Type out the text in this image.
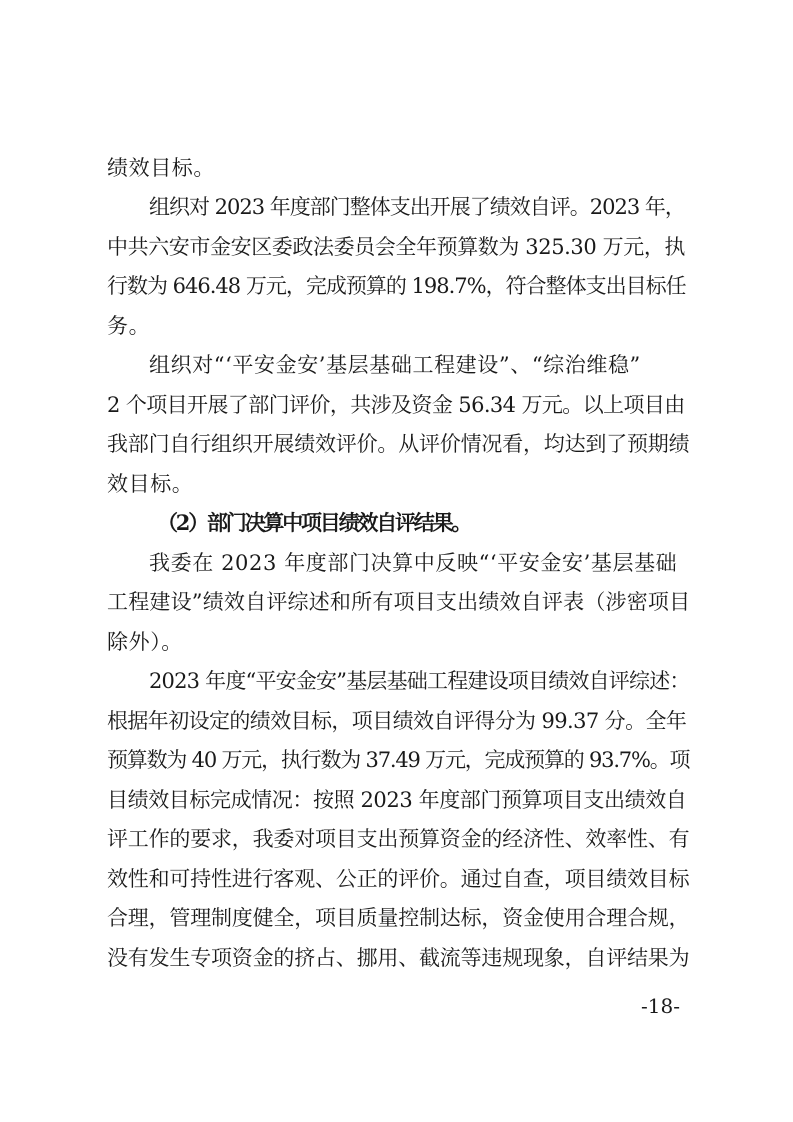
绩效目标。
组织对 2023 年度部门整体支出开展了绩效自评。2023 年，
中共六安市金安区委政法委员会全年预算数为 325.30 万元，执
行数为 646.48 万元，完成预算的 198.7%，符合整体支出目标任
务。
组织对“‘平安金安’基层基础工程建设”、“综治维稳”
2 个项目开展了部门评价，共涉及资金 56.34 万元。以上项目由
我部门自行组织开展绩效评价。从评价情况看，均达到了预期绩
效目标。
（2）部门决算中项目绩效自评结果。
我委在 2023 年度部门决算中反映“‘平安金安’基层基础
工程建设”绩效自评综述和所有项目支出绩效自评表（涉密项目
除外）。
2023 年度“平安金安”基层基础工程建设项目绩效自评综述：
根据年初设定的绩效目标，项目绩效自评得分为 99.37 分。全年
预算数为 40 万元，执行数为 37.49 万元，完成预算的 93.7%。项
目绩效目标完成情况：按照 2023 年度部门预算项目支出绩效自
评工作的要求，我委对项目支出预算资金的经济性、效率性、有
效性和可持性进行客观、公正的评价。通过自查，项目绩效目标
合理，管理制度健全，项目质量控制达标，资金使用合理合规，
没有发生专项资金的挤占、挪用、截流等违规现象，自评结果为
-18-
